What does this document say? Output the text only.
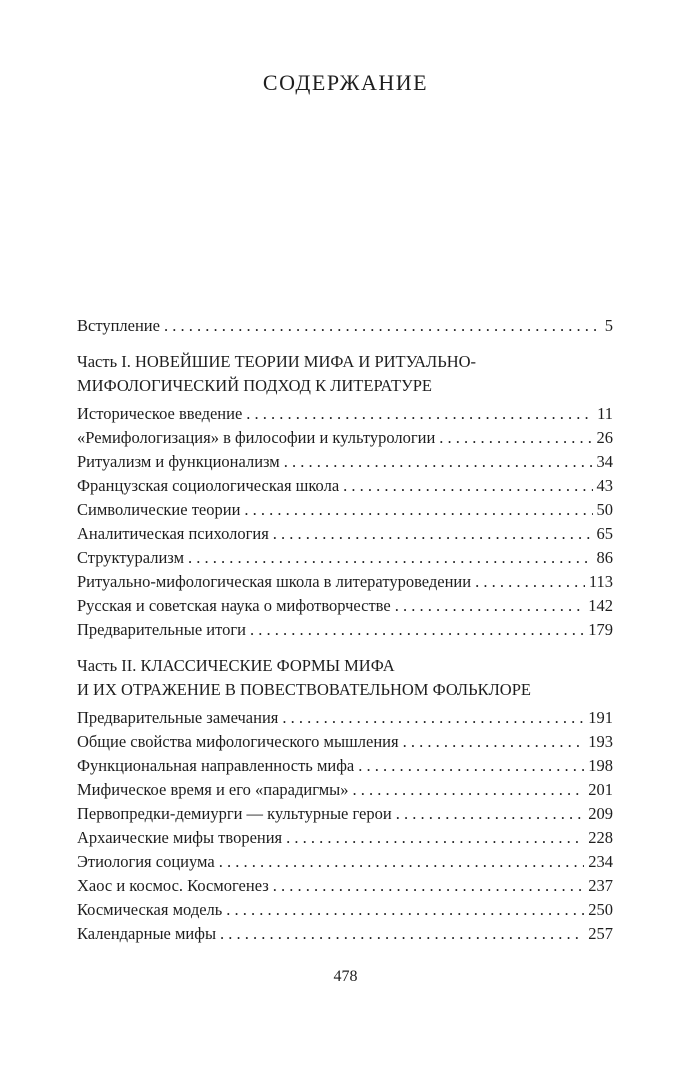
СОДЕРЖАНИЕ
Вступление . . .	5
Часть I. НОВЕЙШИЕ ТЕОРИИ МИФА И РИТУАЛЬНО-
МИФОЛОГИЧЕСКИЙ ПОДХОД К ЛИТЕРАТУРЕ
Историческое введение . . .	11
«Ремифологизация» в философии и культурологии . . .	26
Ритуализм и функционализм . . .	34
Французская социологическая школа . . .	43
Символические теории . . .	50
Аналитическая психология . . .	65
Структурализм . . .	86
Ритуально-мифологическая школа в литературоведении . . .	113
Русская и советская наука о мифотворчестве . . .	142
Предварительные итоги . . .	179
Часть II. КЛАССИЧЕСКИЕ ФОРМЫ МИФА
И ИХ ОТРАЖЕНИЕ В ПОВЕСТВОВАТЕЛЬНОМ ФОЛЬКЛОРЕ
Предварительные замечания . . .	191
Общие свойства мифологического мышления . . .	193
Функциональная направленность мифа . . .	198
Мифическое время и его «парадигмы» . . .	201
Первопредки-демиурги — культурные герои . . .	209
Архаические мифы творения . . .	228
Этиология социума . . .	234
Хаос и космос. Космогенез . . .	237
Космическая модель . . .	250
Календарные мифы . . .	257
478
